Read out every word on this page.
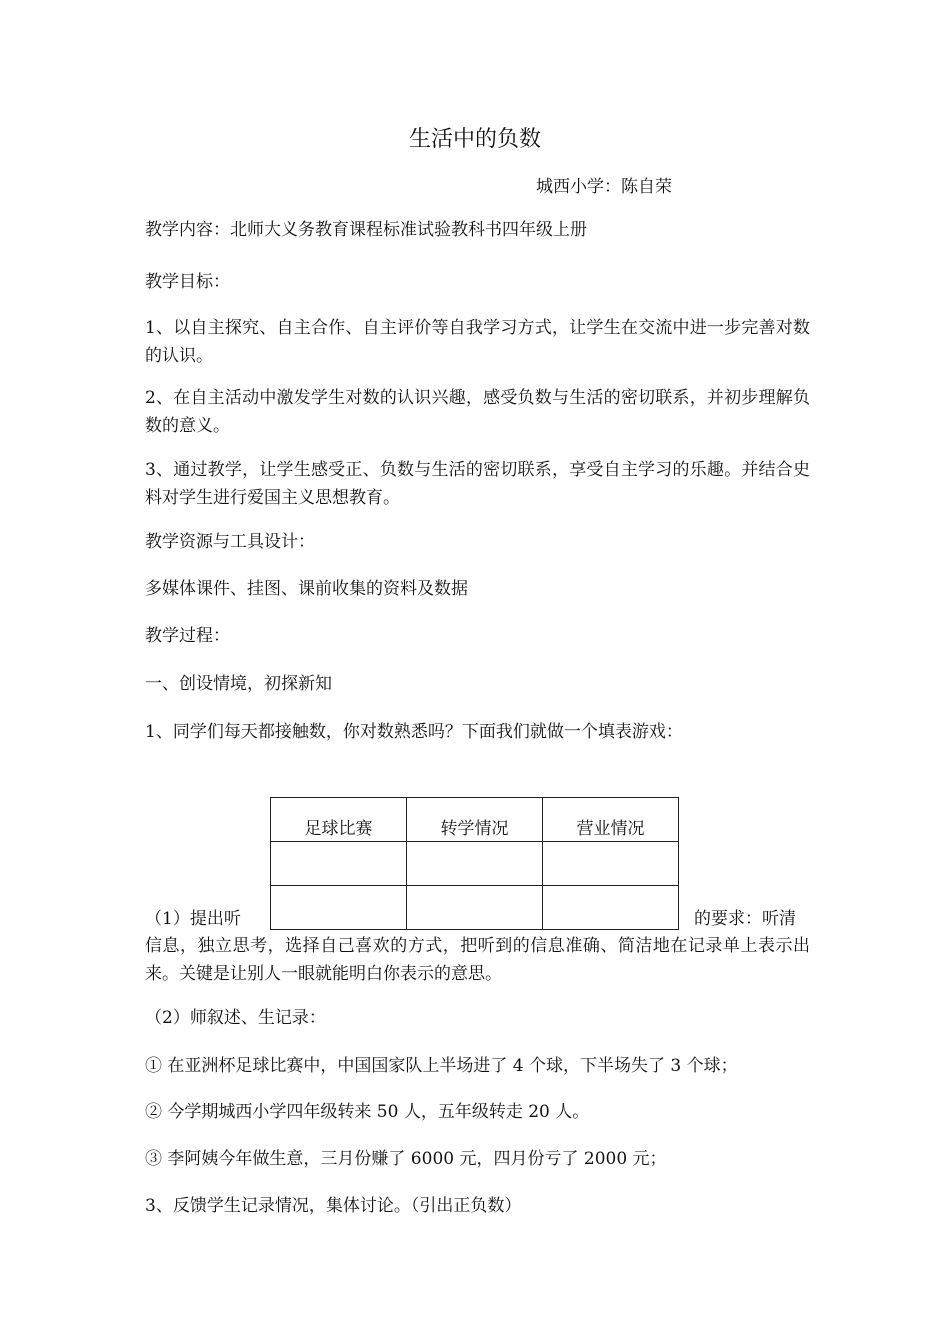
生活中的负数
城西小学：陈自荣
教学内容：北师大义务教育课程标准试验教科书四年级上册
教学目标：
1、以自主探究、自主合作、自主评价等自我学习方式，让学生在交流中进一步完善对数的认识。
2、在自主活动中激发学生对数的认识兴趣，感受负数与生活的密切联系，并初步理解负数的意义。
3、通过教学，让学生感受正、负数与生活的密切联系，享受自主学习的乐趣。并结合史料对学生进行爱国主义思想教育。
教学资源与工具设计：
多媒体课件、挂图、课前收集的资料及数据
教学过程：
一、创设情境，初探新知
1、同学们每天都接触数，你对数熟悉吗？下面我们就做一个填表游戏：
足球比赛	转学情况	营业情况

（1）提出听	的要求：听清
信息，独立思考，选择自己喜欢的方式，把听到的信息准确、简洁地在记录单上表示出来。关键是让别人一眼就能明白你表示的意思。
（2）师叙述、生记录：
① 在亚洲杯足球比赛中，中国国家队上半场进了 4 个球，下半场失了 3 个球；
② 今学期城西小学四年级转来 50 人，五年级转走 20 人。
③ 李阿姨今年做生意，三月份赚了 6000 元，四月份亏了 2000 元；
3、反馈学生记录情况，集体讨论。（引出正负数）
